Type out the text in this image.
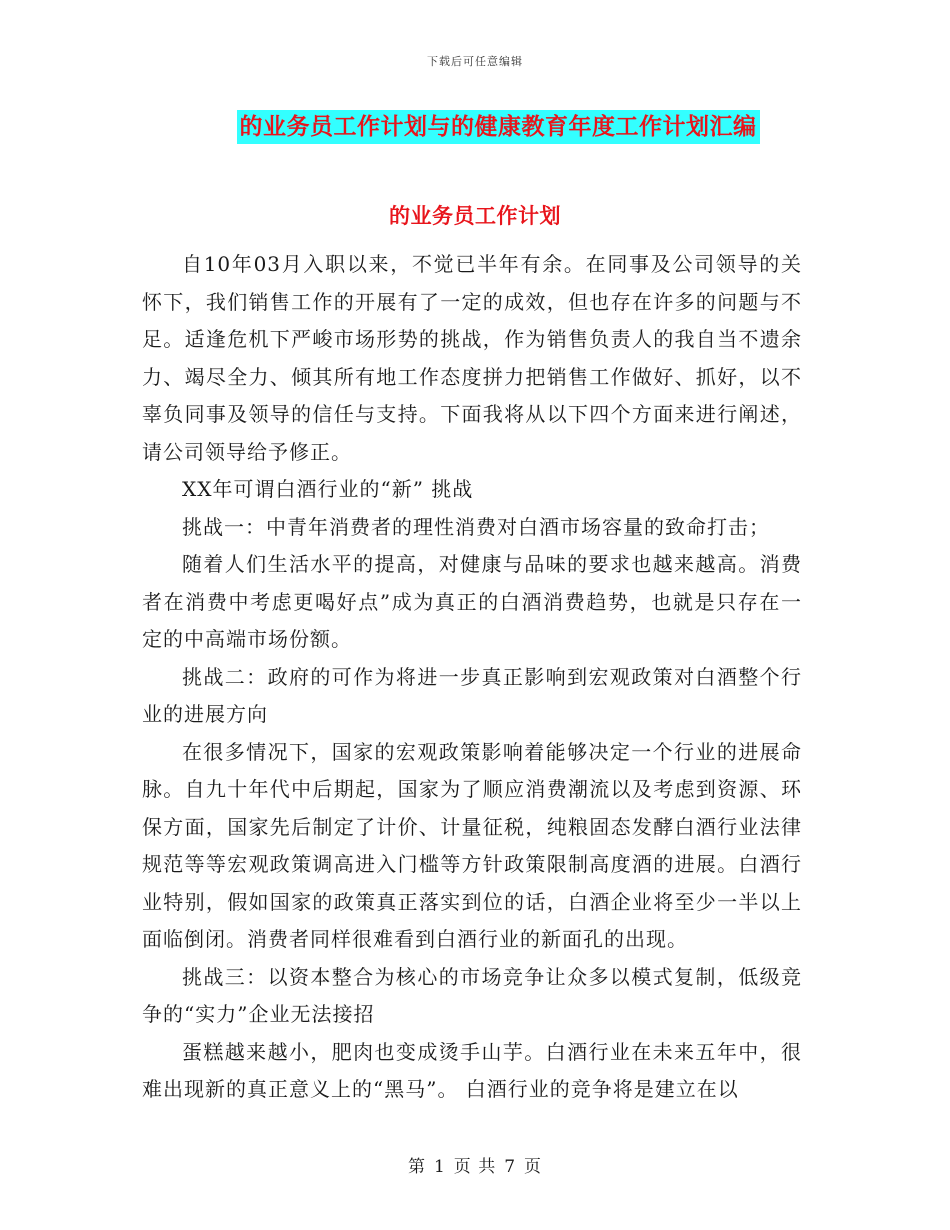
下载后可任意编辑
的业务员工作计划与的健康教育年度工作计划汇编
的业务员工作计划

自10年03月入职以来，不觉已半年有余。在同事及公司领导的关怀下，我们销售工作的开展有了一定的成效，但也存在许多的问题与不足。适逢危机下严峻市场形势的挑战，作为销售负责人的我自当不遗余力、竭尽全力、倾其所有地工作态度拼力把销售工作做好、抓好，以不辜负同事及领导的信任与支持。下面我将从以下四个方面来进行阐述，请公司领导给予修正。

XX年可谓白酒行业的“新” 挑战

挑战一：中青年消费者的理性消费对白酒市场容量的致命打击；

随着人们生活水平的提高，对健康与品味的要求也越来越高。消费者在消费中考虑更喝好点”成为真正的白酒消费趋势，也就是只存在一定的中高端市场份额。

挑战二：政府的可作为将进一步真正影响到宏观政策对白酒整个行业的进展方向

在很多情况下，国家的宏观政策影响着能够决定一个行业的进展命脉。自九十年代中后期起，国家为了顺应消费潮流以及考虑到资源、环保方面，国家先后制定了计价、计量征税，纯粮固态发酵白酒行业法律规范等等宏观政策调高进入门槛等方针政策限制高度酒的进展。白酒行业特别，假如国家的政策真正落实到位的话，白酒企业将至少一半以上面临倒闭。消费者同样很难看到白酒行业的新面孔的出现。

挑战三：以资本整合为核心的市场竞争让众多以模式复制，低级竞争的“实力”企业无法接招

蛋糕越来越小，肥肉也变成烫手山芋。白酒行业在未来五年中，很难出现新的真正意义上的“黑马”。 白酒行业的竞争将是建立在以

第 1 页 共 7 页
